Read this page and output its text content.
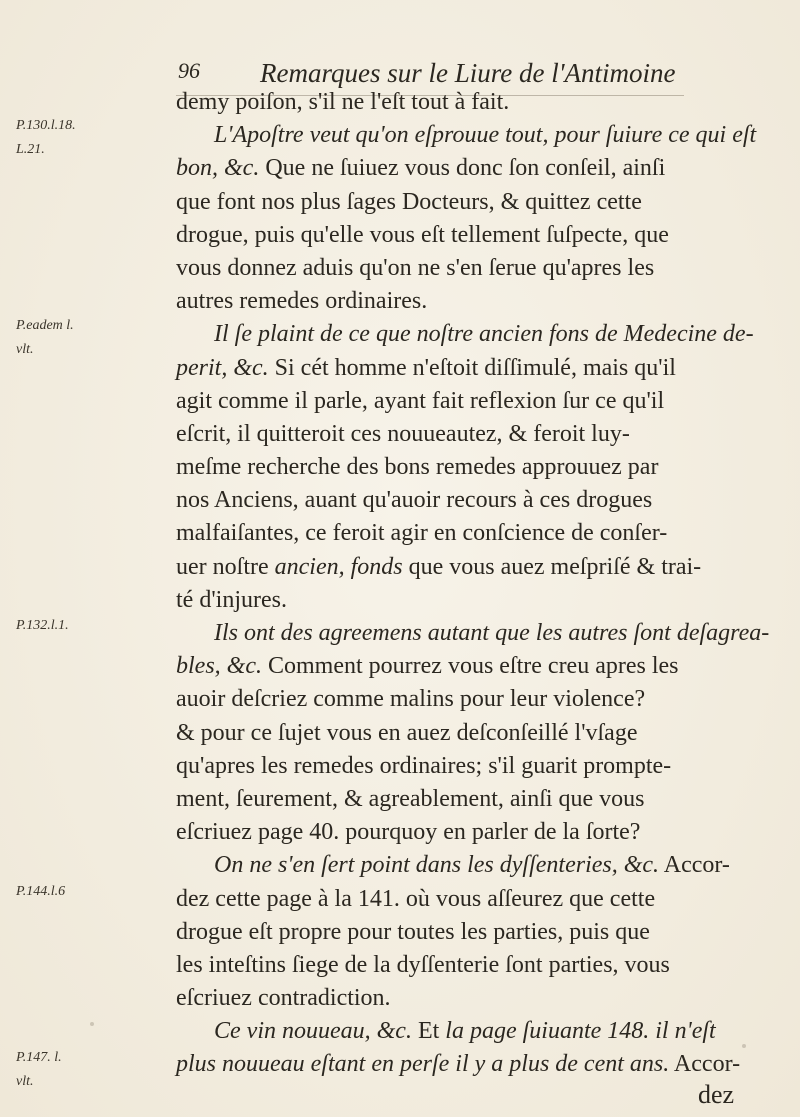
96 Remarques sur le Liure de l'Antimoine
P.130.l.18.
L.21.
P.eadem l.
vlt.
P.132.l.1.
P.144.l.6
P.147. l.
vlt.
demy poiſon, s'il ne l'eſt tout à fait.
L'Apoſtre veut qu'on eſprouue tout, pour ſuiure ce qui eſt
bon, &c. Que ne ſuiuez vous donc ſon conſeil, ainſi
que font nos plus ſages Docteurs, & quittez cette
drogue, puis qu'elle vous eſt tellement ſuſpecte, que
vous donnez aduis qu'on ne s'en ſerue qu'apres les
autres remedes ordinaires.
Il ſe plaint de ce que noſtre ancien fons de Medecine de-
perit, &c. Si cét homme n'eſtoit diſſimulé, mais qu'il
agit comme il parle, ayant fait reflexion ſur ce qu'il
eſcrit, il quitteroit ces nouueautez, & feroit luy-
meſme recherche des bons remedes approuuez par
nos Anciens, auant qu'auoir recours à ces drogues
malfaiſantes, ce feroit agir en conſcience de conſer-
uer noſtre ancien, fonds que vous auez meſpriſé & trai-
té d'injures.
Ils ont des agreemens autant que les autres ſont deſagrea-
bles, &c. Comment pourrez vous eſtre creu apres les
auoir deſcriez comme malins pour leur violence?
& pour ce ſujet vous en auez deſconſeillé l'vſage
qu'apres les remedes ordinaires; s'il guarit prompte-
ment, ſeurement, & agreablement, ainſi que vous
eſcriuez page 40. pourquoy en parler de la ſorte?
On ne s'en ſert point dans les dyſſenteries, &c. Accor-
dez cette page à la 141. où vous aſſeurez que cette
drogue eſt propre pour toutes les parties, puis que
les inteſtins ſiege de la dyſſenterie ſont parties, vous
eſcriuez contradiction.
Ce vin nouueau, &c. Et la page ſuiuante 148. il n'eſt
plus nouueau eſtant en perſe il y a plus de cent ans. Accor-
dez
